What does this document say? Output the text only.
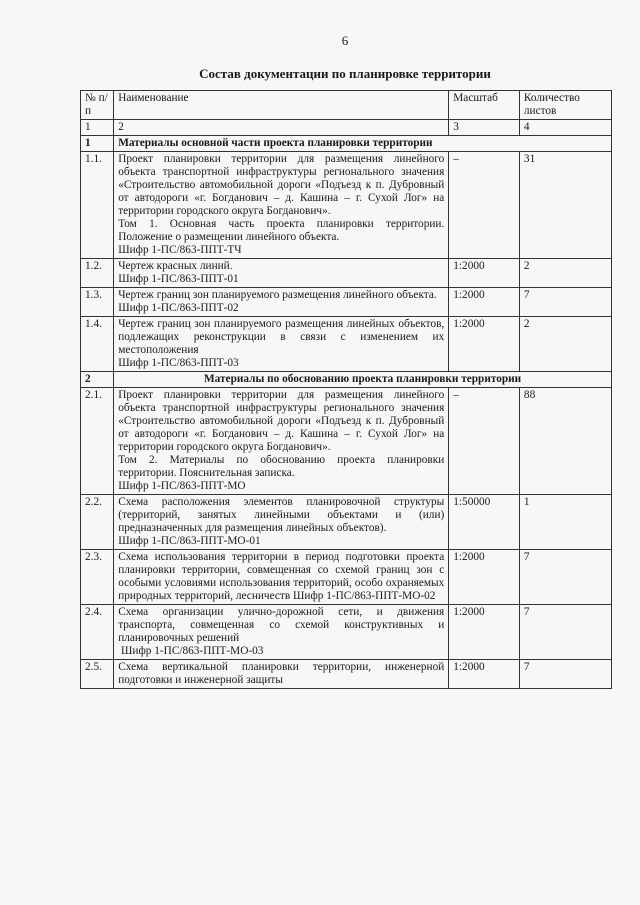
6
Состав документации по планировке территории
№ п/п	Наименование	Масштаб	Количество листов
1	2	3	4
1	Материалы основной части проекта планировки территории		
1.1.	Проект планировки территории для размещения линейного объекта транспортной инфраструктуры регионального значения «Строительство автомобильной дороги «Подъезд к п. Дубровный от автодороги «г. Богданович – д. Кашина – г. Сухой Лог» на территории городского округа Богданович».
Том 1. Основная часть проекта планировки территории. Положение о размещении линейного объекта.
Шифр 1-ПС/863-ППТ-ТЧ	–	31
1.2.	Чертеж красных линий.
Шифр 1-ПС/863-ППТ-01	1:2000	2
1.3.	Чертеж границ зон планируемого размещения линейного объекта.
Шифр 1-ПС/863-ППТ-02	1:2000	7
1.4.	Чертеж границ зон планируемого размещения линейных объектов, подлежащих реконструкции в связи с изменением их местоположения
Шифр 1-ПС/863-ППТ-03	1:2000	2
2	Материалы по обоснованию проекта планировки территории		
2.1.	Проект планировки территории для размещения линейного объекта транспортной инфраструктуры регионального значения «Строительство автомобильной дороги «Подъезд к п. Дубровный от автодороги «г. Богданович – д. Кашина – г. Сухой Лог» на территории городского округа Богданович».
Том 2. Материалы по обоснованию проекта планировки территории. Пояснительная записка.
Шифр 1-ПС/863-ППТ-МО	–	88
2.2.	Схема расположения элементов планировочной структуры (территорий, занятых линейными объектами и (или) предназначенных для размещения линейных объектов).
Шифр 1-ПС/863-ППТ-МО-01	1:50000	1
2.3.	Схема использования территории в период подготовки проекта планировки территории, совмещенная со схемой границ зон с особыми условиями использования территорий, особо охраняемых природных территорий, лесничеств Шифр 1-ПС/863-ППТ-МО-02	1:2000	7
2.4.	Схема организации улично-дорожной сети, и движения транспорта, совмещенная со схемой конструктивных и планировочных решений
Шифр 1-ПС/863-ППТ-МО-03	1:2000	7
2.5.	Схема вертикальной планировки территории, инженерной подготовки и инженерной защиты	1:2000	7
